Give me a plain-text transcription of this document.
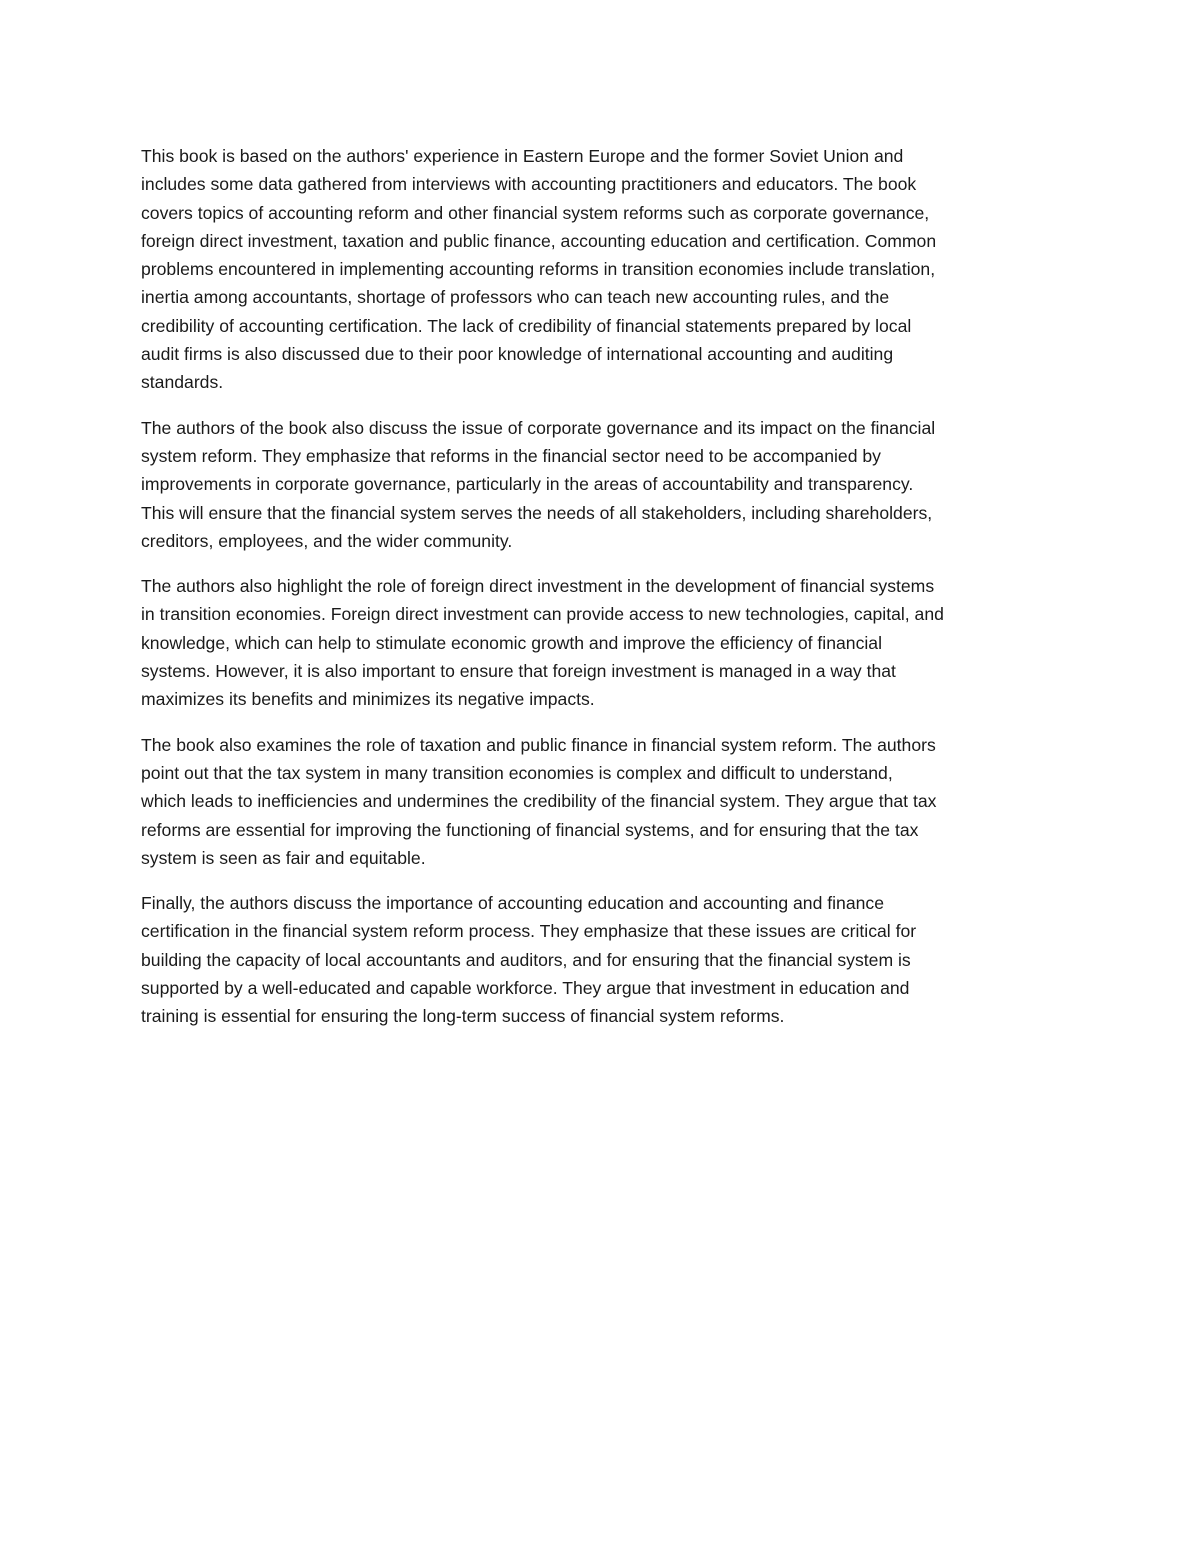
This book is based on the authors' experience in Eastern Europe and the former Soviet Union and
includes some data gathered from interviews with accounting practitioners and educators. The book
covers topics of accounting reform and other financial system reforms such as corporate governance,
foreign direct investment, taxation and public finance, accounting education and certification. Common
problems encountered in implementing accounting reforms in transition economies include translation,
inertia among accountants, shortage of professors who can teach new accounting rules, and the
credibility of accounting certification. The lack of credibility of financial statements prepared by local
audit firms is also discussed due to their poor knowledge of international accounting and auditing
standards.

The authors of the book also discuss the issue of corporate governance and its impact on the financial
system reform. They emphasize that reforms in the financial sector need to be accompanied by
improvements in corporate governance, particularly in the areas of accountability and transparency.
This will ensure that the financial system serves the needs of all stakeholders, including shareholders,
creditors, employees, and the wider community.

The authors also highlight the role of foreign direct investment in the development of financial systems
in transition economies. Foreign direct investment can provide access to new technologies, capital, and
knowledge, which can help to stimulate economic growth and improve the efficiency of financial
systems. However, it is also important to ensure that foreign investment is managed in a way that
maximizes its benefits and minimizes its negative impacts.

The book also examines the role of taxation and public finance in financial system reform. The authors
point out that the tax system in many transition economies is complex and difficult to understand,
which leads to inefficiencies and undermines the credibility of the financial system. They argue that tax
reforms are essential for improving the functioning of financial systems, and for ensuring that the tax
system is seen as fair and equitable.

Finally, the authors discuss the importance of accounting education and accounting and finance
certification in the financial system reform process. They emphasize that these issues are critical for
building the capacity of local accountants and auditors, and for ensuring that the financial system is
supported by a well-educated and capable workforce. They argue that investment in education and
training is essential for ensuring the long-term success of financial system reforms.
